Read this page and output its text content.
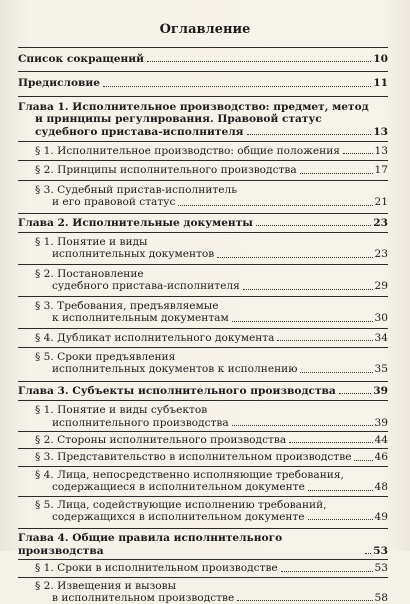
Оглавление
Список сокращений	10
Предисловие	11
Глава 1. Исполнительное производство: предмет, метод
и принципы регулирования. Правовой статус
судебного пристава-исполнителя	13
§ 1. Исполнительное производство: общие положения	13
§ 2. Принципы исполнительного производства	17
§ 3. Судебный пристав-исполнитель
и его правовой статус	21
Глава 2. Исполнительные документы	23
§ 1. Понятие и виды
исполнительных документов	23
§ 2. Постановление
судебного пристава-исполнителя	29
§ 3. Требования, предъявляемые
к исполнительным документам	30
§ 4. Дубликат исполнительного документа	34
§ 5. Сроки предъявления
исполнительных документов к исполнению	35
Глава 3. Субъекты исполнительного производства	39
§ 1. Понятие и виды субъектов
исполнительного производства	39
§ 2. Стороны исполнительного производства	44
§ 3. Представительство в исполнительном производстве 46
§ 4. Лица, непосредственно исполняющие требования,
содержащиеся в исполнительном документе	48
§ 5. Лица, содействующие исполнению требований,
содержащихся в исполнительном документе	49
Глава 4. Общие правила исполнительного производства	53
§ 1. Сроки в исполнительном производстве	53
§ 2. Извещения и вызовы
в исполнительном производстве	58
